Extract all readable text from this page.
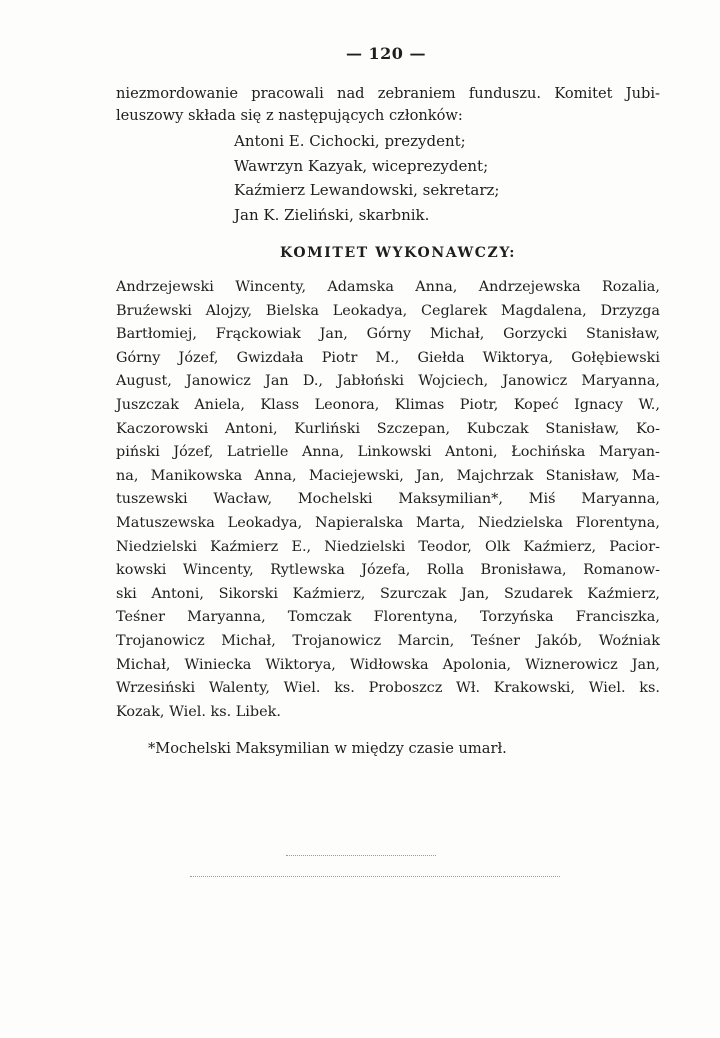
— 120 —
niezmordowanie pracowali nad zebraniem funduszu. Komitet Jubi-
leuszowy składa się z następujących członków:
Antoni E. Cichocki, prezydent;
Wawrzyn Kazyak, wiceprezydent;
Kaźmierz Lewandowski, sekretarz;
Jan K. Zieliński, skarbnik.
KOMITET WYKONAWCZY:
Andrzejewski Wincenty, Adamska Anna, Andrzejewska Rozalia,
Bruźewski Alojzy, Bielska Leokadya, Ceglarek Magdalena, Drzyzga
Bartłomiej, Frąckowiak Jan, Górny Michał, Gorzycki Stanisław,
Górny Józef, Gwizdała Piotr M., Giełda Wiktorya, Gołębiewski
August, Janowicz Jan D., Jabłoński Wojciech, Janowicz Maryanna,
Juszczak Aniela, Klass Leonora, Klimas Piotr, Kopeć Ignacy W.,
Kaczorowski Antoni, Kurliński Szczepan, Kubczak Stanisław, Ko-
piński Józef, Latrielle Anna, Linkowski Antoni, Łochińska Maryan-
na, Manikowska Anna, Maciejewski, Jan, Majchrzak Stanisław, Ma-
tuszewski Wacław, Mochelski Maksymilian*, Miś Maryanna,
Matuszewska Leokadya, Napieralska Marta, Niedzielska Florentyna,
Niedzielski Kaźmierz E., Niedzielski Teodor, Olk Kaźmierz, Pacior-
kowski Wincenty, Rytlewska Józefa, Rolla Bronisława, Romanow-
ski Antoni, Sikorski Kaźmierz, Szurczak Jan, Szudarek Kaźmierz,
Teśner Maryanna, Tomczak Florentyna, Torzyńska Franciszka,
Trojanowicz Michał, Trojanowicz Marcin, Teśner Jakób, Woźniak
Michał, Winiecka Wiktorya, Widłowska Apolonia, Wiznerowicz Jan,
Wrzesiński Walenty, Wiel. ks. Proboszcz Wł. Krakowski, Wiel. ks.
Kozak, Wiel. ks. Libek.
*Mochelski Maksymilian w między czasie umarł.
